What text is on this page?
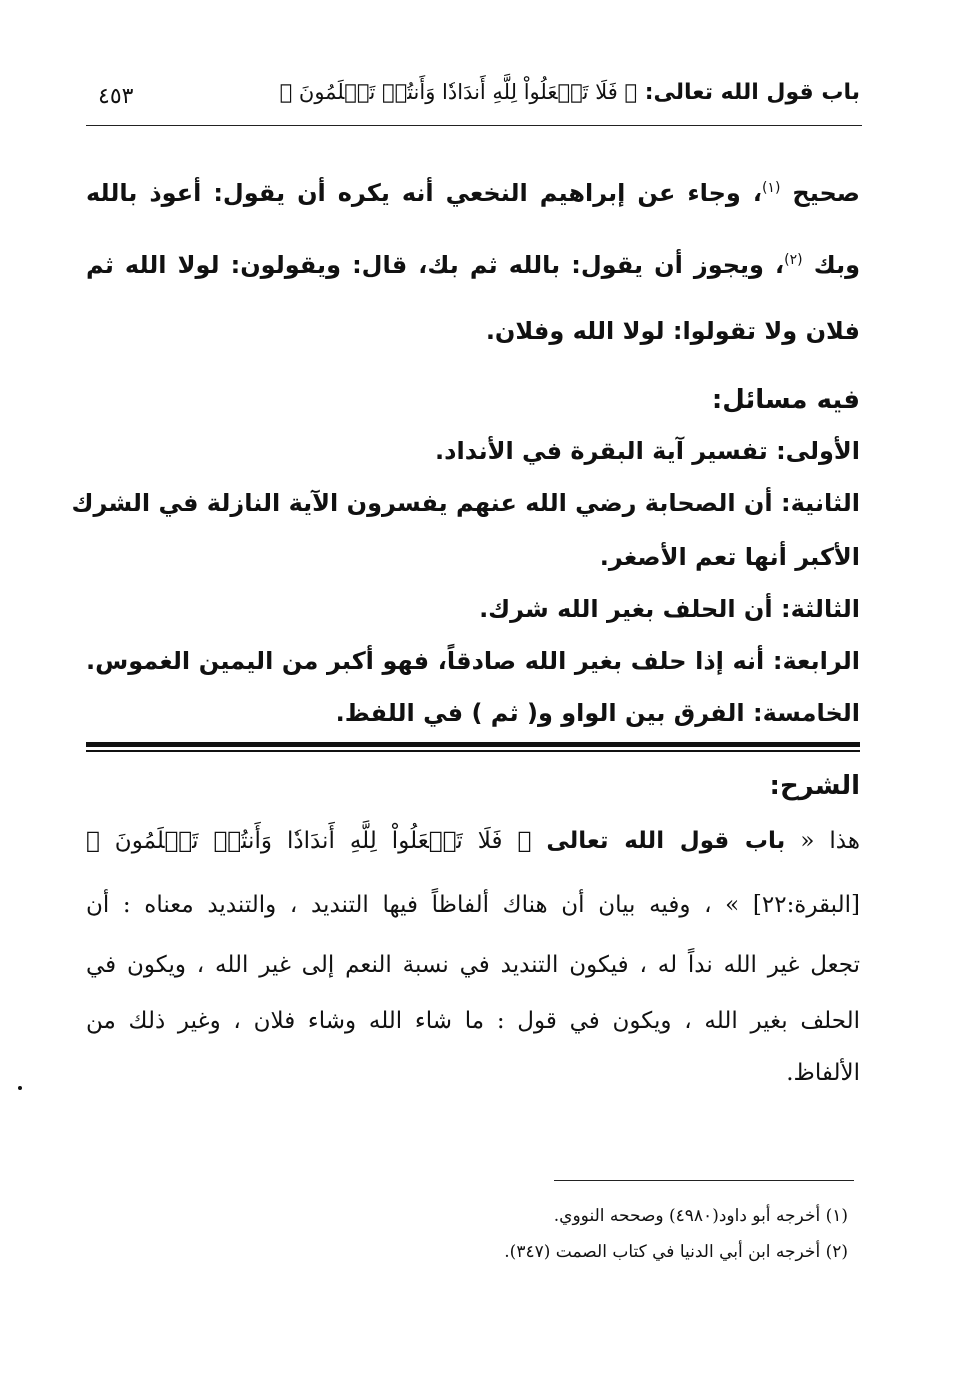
باب قول الله تعالى: ﴿ فَلَا تَجۡعَلُواْ لِلَّهِ أَندَادٗا وَأَنتُمۡ تَعۡلَمُونَ ﴾
٤٥٣
صحيح $^{(١)}$، وجاء عن إبراهيم النخعي أنه يكره أن يقول: أعوذ بالله
وبك $^{(٢)}$، ويجوز أن يقول: بالله ثم بك، قال: ويقولون: لولا الله ثم
فلان ولا تقولوا: لولا الله وفلان.
فيه مسائل:
الأولى: تفسير آية البقرة في الأنداد.
الثانية: أن الصحابة رضي الله عنهم يفسرون الآية النازلة في الشرك
الأكبر أنها تعم الأصغر.
الثالثة: أن الحلف بغير الله شرك.
الرابعة: أنه إذا حلف بغير الله صادقاً، فهو أكبر من اليمين الغموس.
الخامسة: الفرق بين الواو و( ثم ) في اللفظ.
الشرح:
هذا « باب قول الله تعالى ﴿ فَلَا تَجۡعَلُواْ لِلَّهِ أَندَادٗا وَأَنتُمۡ تَعۡلَمُونَ ﴾
[البقرة:٢٢] » ، وفيه بيان أن هناك ألفاظاً فيها التنديد ، والتنديد معناه : أن
تجعل غير الله نداً له ، فيكون التنديد في نسبة النعم إلى غير الله ، ويكون في
الحلف بغير الله ، ويكون في قول : ما شاء الله وشاء فلان ، وغير ذلك من
الألفاظ.
(١) أخرجه أبو داود(٤٩٨٠) وصححه النووي.
(٢) أخرجه ابن أبي الدنيا في كتاب الصمت (٣٤٧).
